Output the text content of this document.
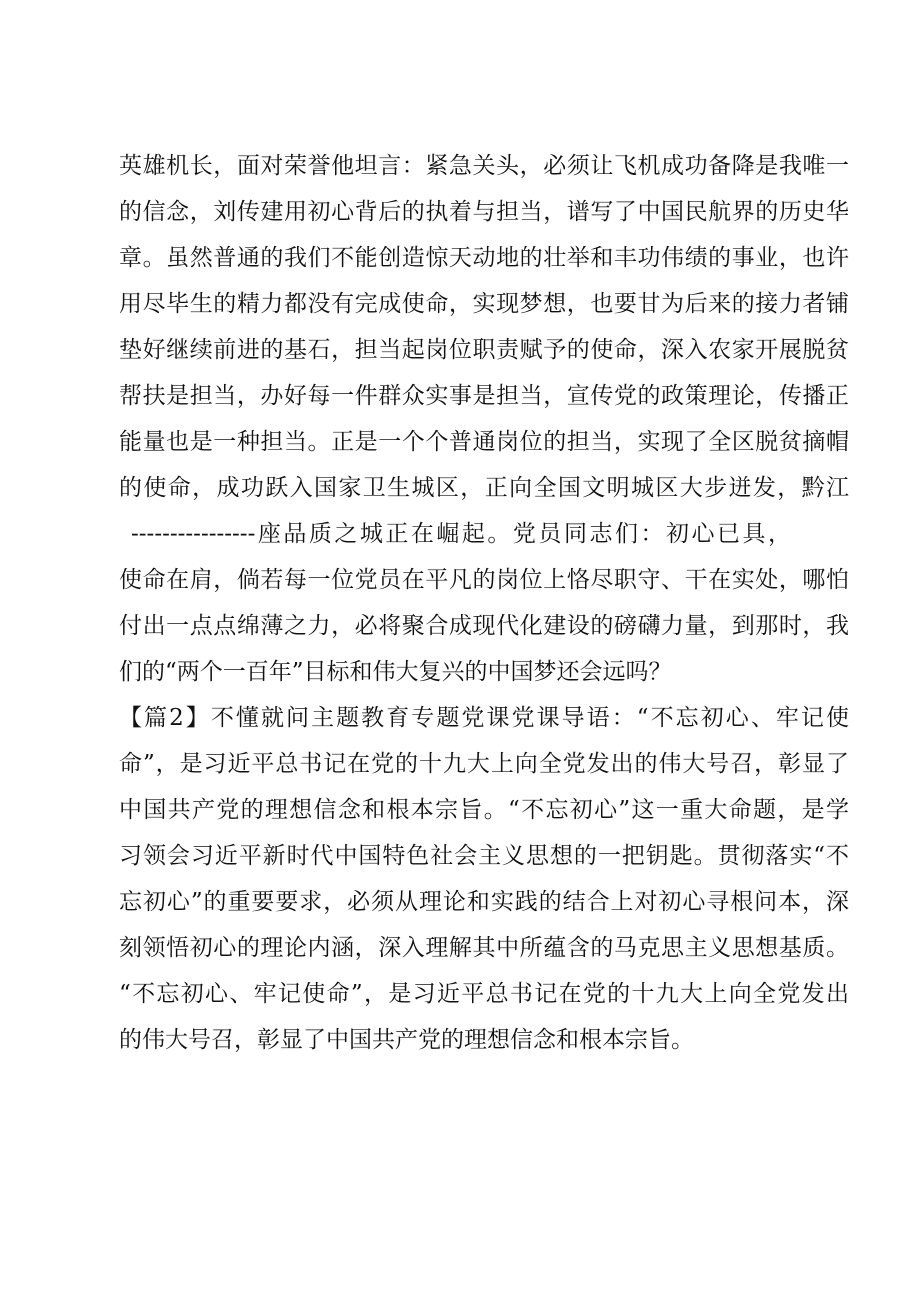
英雄机长，面对荣誉他坦言：紧急关头，必须让飞机成功备降是我唯一
的信念，刘传建用初心背后的执着与担当，谱写了中国民航界的历史华
章。虽然普通的我们不能创造惊天动地的壮举和丰功伟绩的事业，也许
用尽毕生的精力都没有完成使命，实现梦想，也要甘为后来的接力者铺
垫好继续前进的基石，担当起岗位职责赋予的使命，深入农家开展脱贫
帮扶是担当，办好每一件群众实事是担当，宣传党的政策理论，传播正
能量也是一种担当。正是一个个普通岗位的担当，实现了全区脱贫摘帽
的使命，成功跃入国家卫生城区，正向全国文明城区大步迸发，黔江
----------------座品质之城正在崛起。党员同志们：初心已具，
使命在肩，倘若每一位党员在平凡的岗位上恪尽职守、干在实处，哪怕
付出一点点绵薄之力，必将聚合成现代化建设的磅礴力量，到那时，我
们的“两个一百年”目标和伟大复兴的中国梦还会远吗？
【篇2】不懂就问主题教育专题党课党课导语：“不忘初心、牢记使
命”，是习近平总书记在党的十九大上向全党发出的伟大号召，彰显了
中国共产党的理想信念和根本宗旨。“不忘初心”这一重大命题，是学
习领会习近平新时代中国特色社会主义思想的一把钥匙。贯彻落实“不
忘初心”的重要要求，必须从理论和实践的结合上对初心寻根问本，深
刻领悟初心的理论内涵，深入理解其中所蕴含的马克思主义思想基质。
“不忘初心、牢记使命”，是习近平总书记在党的十九大上向全党发出
的伟大号召，彰显了中国共产党的理想信念和根本宗旨。
